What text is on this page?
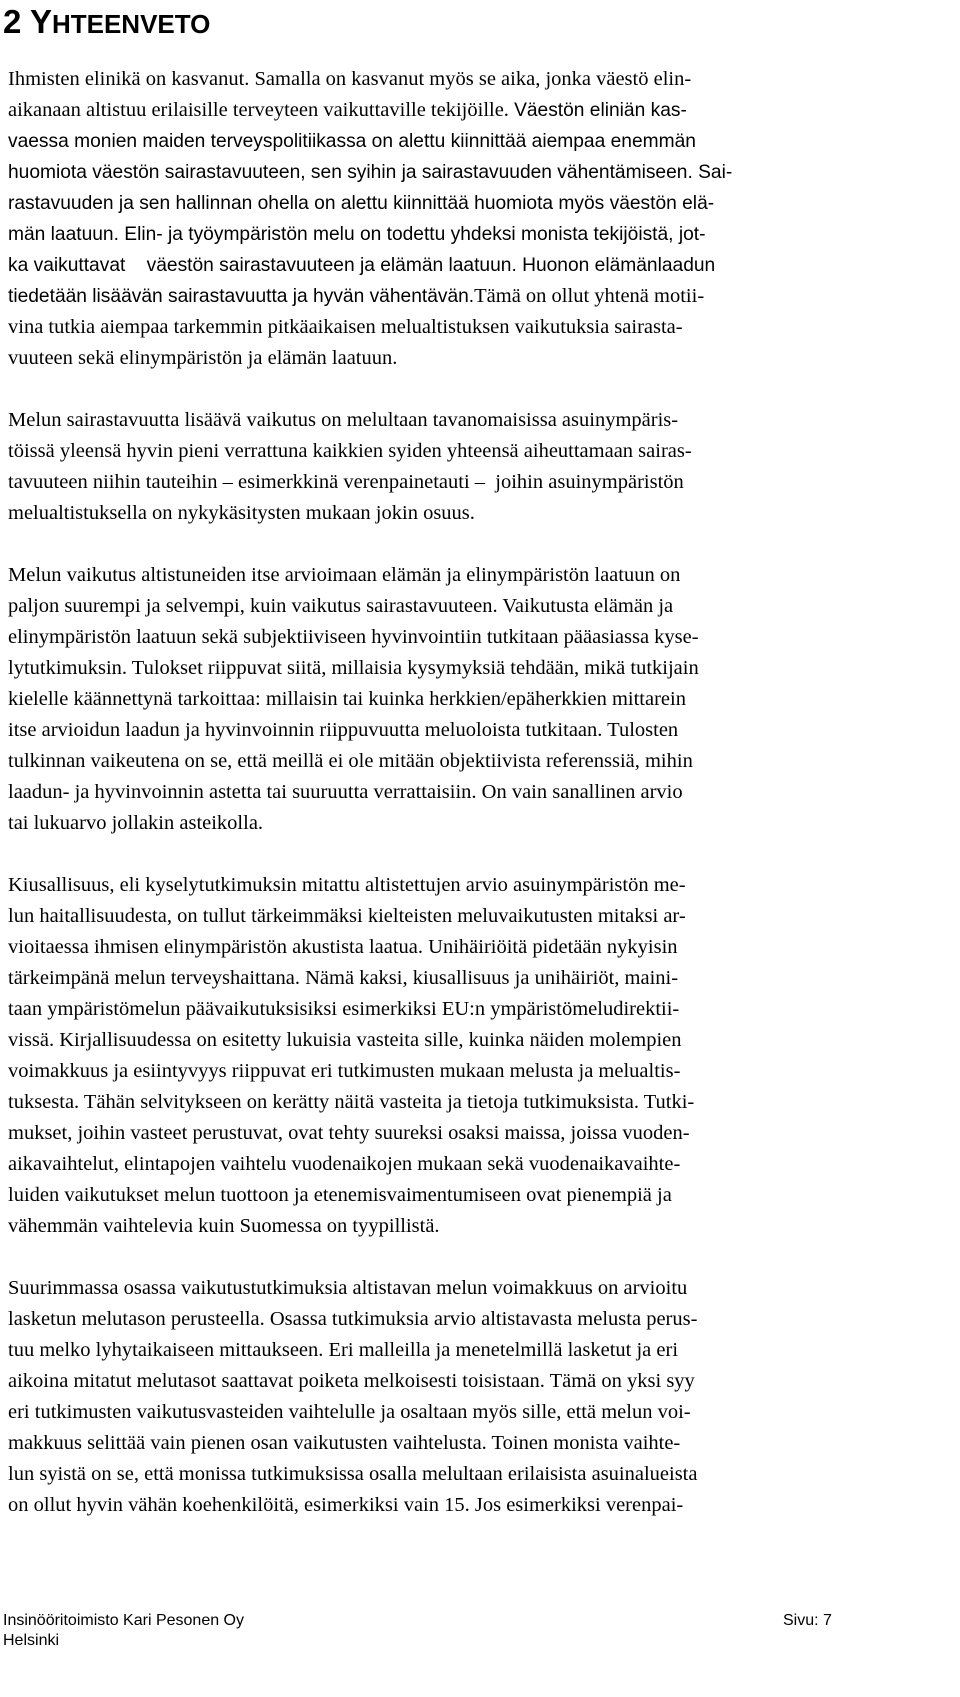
2 YHTEENVETO
Ihmisten elinikä on kasvanut. Samalla on kasvanut myös se aika, jonka väestö elin-
aikanaan altistuu erilaisille terveyteen vaikuttaville tekijöille. Väestön eliniän kas-
vaessa monien maiden terveyspolitiikassa on alettu kiinnittää aiempaa enemmän
huomiota väestön sairastavuuteen, sen syihin ja sairastavuuden vähentämiseen. Sai-
rastavuuden ja sen hallinnan ohella on alettu kiinnittää huomiota myös väestön elä-
män laatuun. Elin- ja työympäristön melu on todettu yhdeksi monista tekijöistä, jot-
ka vaikuttavat    väestön sairastavuuteen ja elämän laatuun. Huonon elämänlaadun
tiedetään lisäävän sairastavuutta ja hyvän vähentävän.Tämä on ollut yhtenä motii-
vina tutkia aiempaa tarkemmin pitkäaikaisen melualtistuksen vaikutuksia sairasta-
vuuteen sekä elinympäristön ja elämän laatuun.
Melun sairastavuutta lisäävä vaikutus on melultaan tavanomaisissa asuinympäris-
töissä yleensä hyvin pieni verrattuna kaikkien syiden yhteensä aiheuttamaan sairas-
tavuuteen niihin tauteihin – esimerkkinä verenpainetauti –  joihin asuinympäristön
melualtistuksella on nykykäsitysten mukaan jokin osuus.
Melun vaikutus altistuneiden itse arvioimaan elämän ja elinympäristön laatuun on
paljon suurempi ja selvempi, kuin vaikutus sairastavuuteen. Vaikutusta elämän ja
elinympäristön laatuun sekä subjektiiviseen hyvinvointiin tutkitaan pääasiassa kyse-
lytutkimuksin. Tulokset riippuvat siitä, millaisia kysymyksiä tehdään, mikä tutkijain
kielelle käännettynä tarkoittaa: millaisin tai kuinka herkkien/epäherkkien mittarein
itse arvioidun laadun ja hyvinvoinnin riippuvuutta meluoloista tutkitaan. Tulosten
tulkinnan vaikeutena on se, että meillä ei ole mitään objektiivista referenssiä, mihin
laadun- ja hyvinvoinnin astetta tai suuruutta verrattaisiin. On vain sanallinen arvio
tai lukuarvo jollakin asteikolla.
Kiusallisuus, eli kyselytutkimuksin mitattu altistettujen arvio asuinympäristön me-
lun haitallisuudesta, on tullut tärkeimmäksi kielteisten meluvaikutusten mitaksi ar-
vioitaessa ihmisen elinympäristön akustista laatua. Unihäiriöitä pidetään nykyisin
tärkeimpänä melun terveyshaittana. Nämä kaksi, kiusallisuus ja unihäiriöt, maini-
taan ympäristömelun päävaikutuksisiksi esimerkiksi EU:n ympäristömeludirektii-
vissä. Kirjallisuudessa on esitetty lukuisia vasteita sille, kuinka näiden molempien
voimakkuus ja esiintyvyys riippuvat eri tutkimusten mukaan melusta ja melualtis-
tuksesta. Tähän selvitykseen on kerätty näitä vasteita ja tietoja tutkimuksista. Tutki-
mukset, joihin vasteet perustuvat, ovat tehty suureksi osaksi maissa, joissa vuoden-
aikavaihtelut, elintapojen vaihtelu vuodenaikojen mukaan sekä vuodenaikavaihte-
luiden vaikutukset melun tuottoon ja etenemisvaimentumiseen ovat pienempiä ja
vähemmän vaihtelevia kuin Suomessa on tyypillistä.
Suurimmassa osassa vaikutustutkimuksia altistavan melun voimakkuus on arvioitu
lasketun melutason perusteella. Osassa tutkimuksia arvio altistavasta melusta perus-
tuu melko lyhytaikaiseen mittaukseen. Eri malleilla ja menetelmillä lasketut ja eri
aikoina mitatut melutasot saattavat poiketa melkoisesti toisistaan. Tämä on yksi syy
eri tutkimusten vaikutusvasteiden vaihtelulle ja osaltaan myös sille, että melun voi-
makkuus selittää vain pienen osan vaikutusten vaihtelusta. Toinen monista vaihte-
lun syistä on se, että monissa tutkimuksissa osalla melultaan erilaisista asuinalueista
on ollut hyvin vähän koehenkilöitä, esimerkiksi vain 15. Jos esimerkiksi verenpai-
Insinööritoimisto Kari Pesonen Oy
Helsinki
Sivu: 7
